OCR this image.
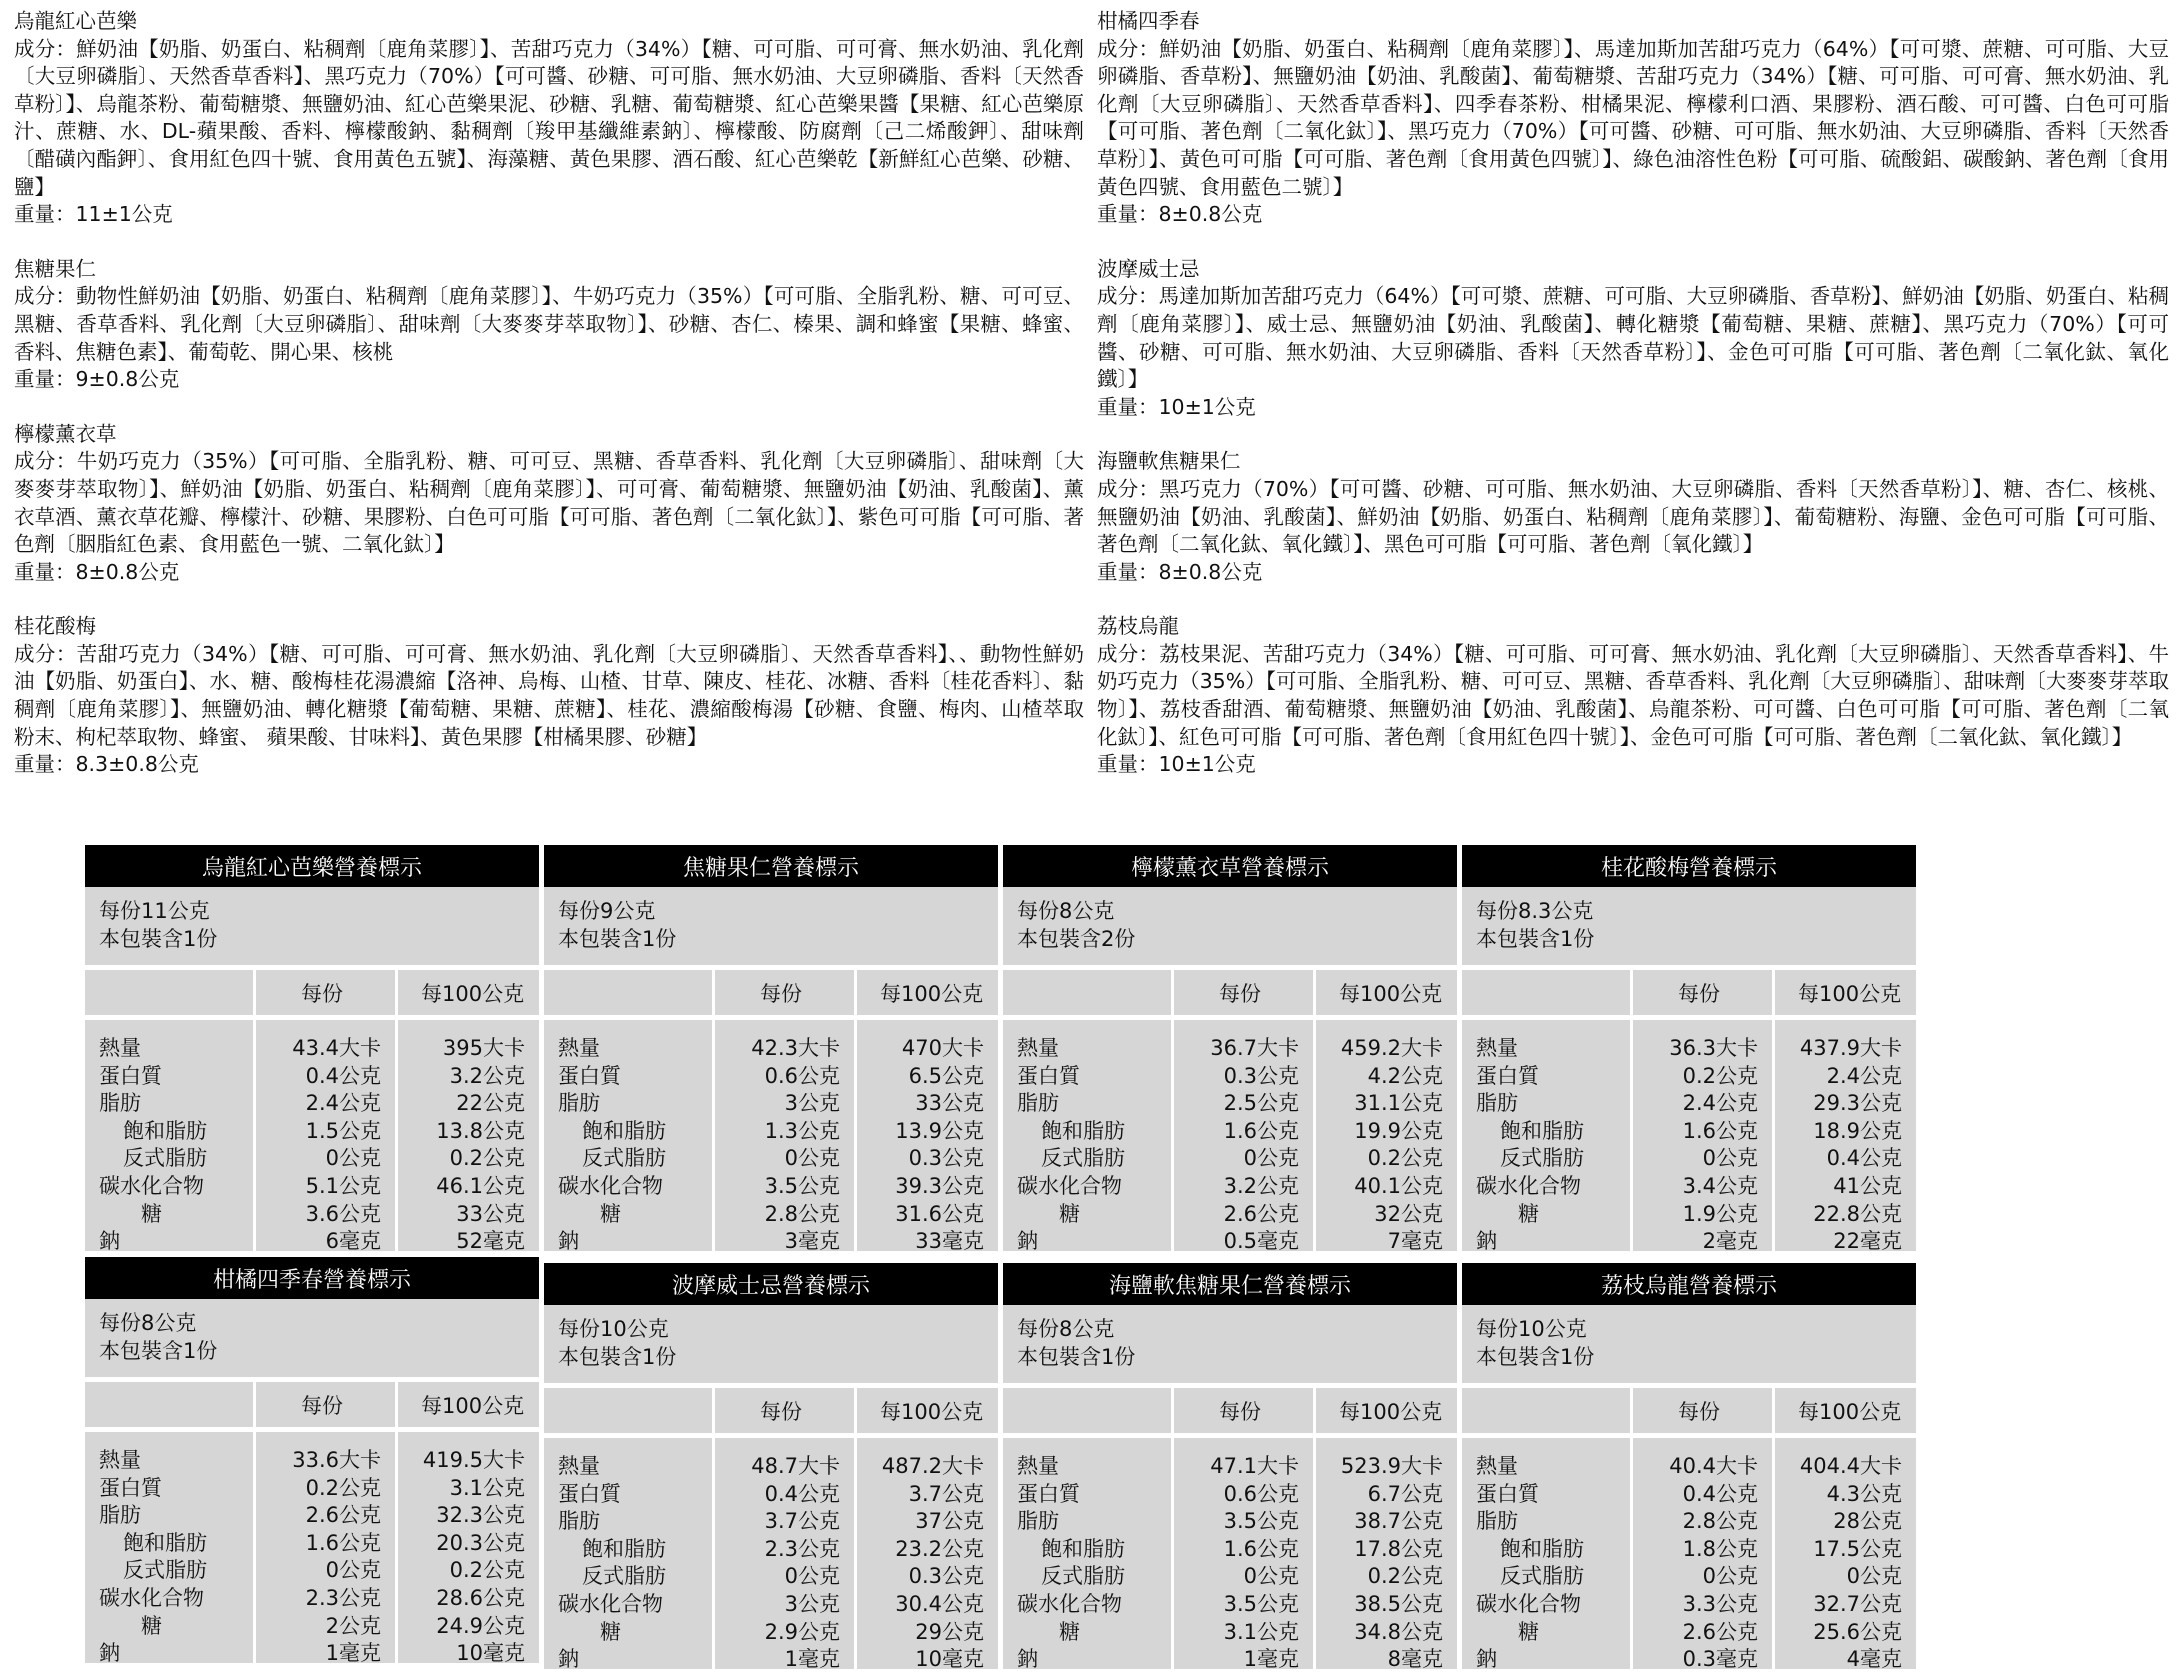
烏龍紅心芭樂

成分：鮮奶油【奶脂、奶蛋白、粘稠劑〔鹿角菜膠〕】、苦甜巧克力（34%）【糖、可可脂、可可膏、無水奶油、乳化劑〔大豆卵磷脂〕、天然香草香料】、黑巧克力（70%）【可可醬、砂糖、可可脂、無水奶油、大豆卵磷脂、香料〔天然香草粉〕】、烏龍茶粉、葡萄糖漿、無鹽奶油、紅心芭樂果泥、砂糖、乳糖、葡萄糖漿、紅心芭樂果醬【果糖、紅心芭樂原汁、蔗糖、水、DL-蘋果酸、香料、檸檬酸鈉、黏稠劑〔羧甲基纖維素鈉〕、檸檬酸、防腐劑〔己二烯酸鉀〕、甜味劑〔醋磺內酯鉀〕、食用紅色四十號、食用黃色五號】、海藻糖、黃色果膠、酒石酸、紅心芭樂乾【新鮮紅心芭樂、砂糖、鹽】

重量：11±1公克

焦糖果仁

成分：動物性鮮奶油【奶脂、奶蛋白、粘稠劑〔鹿角菜膠〕】、牛奶巧克力（35%）【可可脂、全脂乳粉、糖、可可豆、黑糖、香草香料、乳化劑〔大豆卵磷脂〕、甜味劑〔大麥麥芽萃取物〕】、砂糖、杏仁、榛果、調和蜂蜜【果糖、蜂蜜、香料、焦糖色素】、葡萄乾、開心果、核桃

重量：9±0.8公克

檸檬薰衣草

成分：牛奶巧克力（35%）【可可脂、全脂乳粉、糖、可可豆、黑糖、香草香料、乳化劑〔大豆卵磷脂〕、甜味劑〔大麥麥芽萃取物〕】、鮮奶油【奶脂、奶蛋白、粘稠劑〔鹿角菜膠〕】、可可膏、葡萄糖漿、無鹽奶油【奶油、乳酸菌】、薰衣草酒、薰衣草花瓣、檸檬汁、砂糖、果膠粉、白色可可脂【可可脂、著色劑〔二氧化鈦〕】、紫色可可脂【可可脂、著色劑〔胭脂紅色素、食用藍色一號、二氧化鈦〕】

重量：8±0.8公克

桂花酸梅

成分：苦甜巧克力（34%）【糖、可可脂、可可膏、無水奶油、乳化劑〔大豆卵磷脂〕、天然香草香料】、、動物性鮮奶油【奶脂、奶蛋白】、水、糖、酸梅桂花湯濃縮【洛神、烏梅、山楂、甘草、陳皮、桂花、冰糖、香料〔桂花香料〕、黏稠劑〔鹿角菜膠〕】、無鹽奶油、轉化糖漿【葡萄糖、果糖、蔗糖】、桂花、濃縮酸梅湯【砂糖、食鹽、梅肉、山楂萃取粉末、枸杞萃取物、蜂蜜、 蘋果酸、甘味料】、黃色果膠【柑橘果膠、砂糖】

重量：8.3±0.8公克

柑橘四季春

成分：鮮奶油【奶脂、奶蛋白、粘稠劑〔鹿角菜膠〕】、馬達加斯加苦甜巧克力（64%）【可可漿、蔗糖、可可脂、大豆卵磷脂、香草粉】、無鹽奶油【奶油、乳酸菌】、葡萄糖漿、苦甜巧克力（34%）【糖、可可脂、可可膏、無水奶油、乳化劑〔大豆卵磷脂〕、天然香草香料】、四季春茶粉、柑橘果泥、檸檬利口酒、果膠粉、酒石酸、可可醬、白色可可脂【可可脂、著色劑〔二氧化鈦〕】、黑巧克力（70%）【可可醬、砂糖、可可脂、無水奶油、大豆卵磷脂、香料〔天然香草粉〕】、黃色可可脂【可可脂、著色劑〔食用黃色四號〕】、綠色油溶性色粉【可可脂、硫酸鋁、碳酸鈉、著色劑〔食用黃色四號、食用藍色二號〕】

重量：8±0.8公克

波摩威士忌

成分：馬達加斯加苦甜巧克力（64%）【可可漿、蔗糖、可可脂、大豆卵磷脂、香草粉】、鮮奶油【奶脂、奶蛋白、粘稠劑〔鹿角菜膠〕】、威士忌、無鹽奶油【奶油、乳酸菌】、轉化糖漿【葡萄糖、果糖、蔗糖】、黑巧克力（70%）【可可醬、砂糖、可可脂、無水奶油、大豆卵磷脂、香料〔天然香草粉〕】、金色可可脂【可可脂、著色劑〔二氧化鈦、氧化鐵〕】

重量：10±1公克

海鹽軟焦糖果仁

成分：黑巧克力（70%）【可可醬、砂糖、可可脂、無水奶油、大豆卵磷脂、香料〔天然香草粉〕】、糖、杏仁、核桃、無鹽奶油【奶油、乳酸菌】、鮮奶油【奶脂、奶蛋白、粘稠劑〔鹿角菜膠〕】、葡萄糖粉、海鹽、金色可可脂【可可脂、著色劑〔二氧化鈦、氧化鐵〕】、黑色可可脂【可可脂、著色劑〔氧化鐵〕】

重量：8±0.8公克

荔枝烏龍

成分：荔枝果泥、苦甜巧克力（34%）【糖、可可脂、可可膏、無水奶油、乳化劑〔大豆卵磷脂〕、天然香草香料】、牛奶巧克力（35%）【可可脂、全脂乳粉、糖、可可豆、黑糖、香草香料、乳化劑〔大豆卵磷脂〕、甜味劑〔大麥麥芽萃取物〕】、荔枝香甜酒、葡萄糖漿、無鹽奶油【奶油、乳酸菌】、烏龍茶粉、可可醬、白色可可脂【可可脂、著色劑〔二氧化鈦〕】、紅色可可脂【可可脂、著色劑〔食用紅色四十號〕】、金色可可脂【可可脂、著色劑〔二氧化鈦、氧化鐵〕】

重量：10±1公克

烏龍紅心芭樂營養標示
每份11公克
本包裝含1份
每份	每100公克
熱量	43.4大卡	395大卡
蛋白質	0.4公克	3.2公克
脂肪	2.4公克	22公克
飽和脂肪	1.5公克	13.8公克
反式脂肪	0公克	0.2公克
碳水化合物	5.1公克	46.1公克
糖	3.6公克	33公克
鈉	6毫克	52毫克
焦糖果仁營養標示
每份9公克
本包裝含1份
每份	每100公克
熱量	42.3大卡	470大卡
蛋白質	0.6公克	6.5公克
脂肪	3公克	33公克
飽和脂肪	1.3公克	13.9公克
反式脂肪	0公克	0.3公克
碳水化合物	3.5公克	39.3公克
糖	2.8公克	31.6公克
鈉	3毫克	33毫克
檸檬薰衣草營養標示
每份8公克
本包裝含2份
每份	每100公克
熱量	36.7大卡 459.2大卡
蛋白質	0.3公克	4.2公克
脂肪	2.5公克	31.1公克
飽和脂肪	1.6公克	19.9公克
反式脂肪	0公克	0.2公克
碳水化合物	3.2公克	40.1公克
糖	2.6公克	32公克
鈉	0.5毫克	7毫克
桂花酸梅營養標示
每份8.3公克
本包裝含1份
每份	每100公克
熱量	36.3大卡 437.9大卡
蛋白質	0.2公克	2.4公克
脂肪	2.4公克	29.3公克
飽和脂肪	1.6公克	18.9公克
反式脂肪	0公克	0.4公克
碳水化合物	3.4公克	41公克
糖	1.9公克	22.8公克
鈉	2毫克	22毫克
柑橘四季春營養標示
每份8公克
本包裝含1份
每份	每100公克
熱量	33.6大卡 419.5大卡
蛋白質	0.2公克	3.1公克
脂肪	2.6公克	32.3公克
飽和脂肪	1.6公克	20.3公克
反式脂肪	0公克	0.2公克
碳水化合物	2.3公克	28.6公克
糖	2公克	24.9公克
鈉	1毫克	10毫克
波摩威士忌營養標示
每份10公克
本包裝含1份
每份	每100公克
熱量	48.7大卡 487.2大卡
蛋白質	0.4公克	3.7公克
脂肪	3.7公克	37公克
飽和脂肪	2.3公克	23.2公克
反式脂肪	0公克	0.3公克
碳水化合物	3公克	30.4公克
糖	2.9公克	29公克
鈉	1毫克	10毫克
海鹽軟焦糖果仁營養標示
每份8公克
本包裝含1份
每份	每100公克
熱量	47.1大卡 523.9大卡
蛋白質	0.6公克	6.7公克
脂肪	3.5公克	38.7公克
飽和脂肪	1.6公克	17.8公克
反式脂肪	0公克	0.2公克
碳水化合物	3.5公克	38.5公克
糖	3.1公克	34.8公克
鈉	1毫克	8毫克
荔枝烏龍營養標示
每份10公克
本包裝含1份
每份	每100公克
熱量	40.4大卡 404.4大卡
蛋白質	0.4公克	4.3公克
脂肪	2.8公克	28公克
飽和脂肪	1.8公克	17.5公克
反式脂肪	0公克	0公克
碳水化合物	3.3公克	32.7公克
糖	2.6公克	25.6公克
鈉	0.3毫克	4毫克
